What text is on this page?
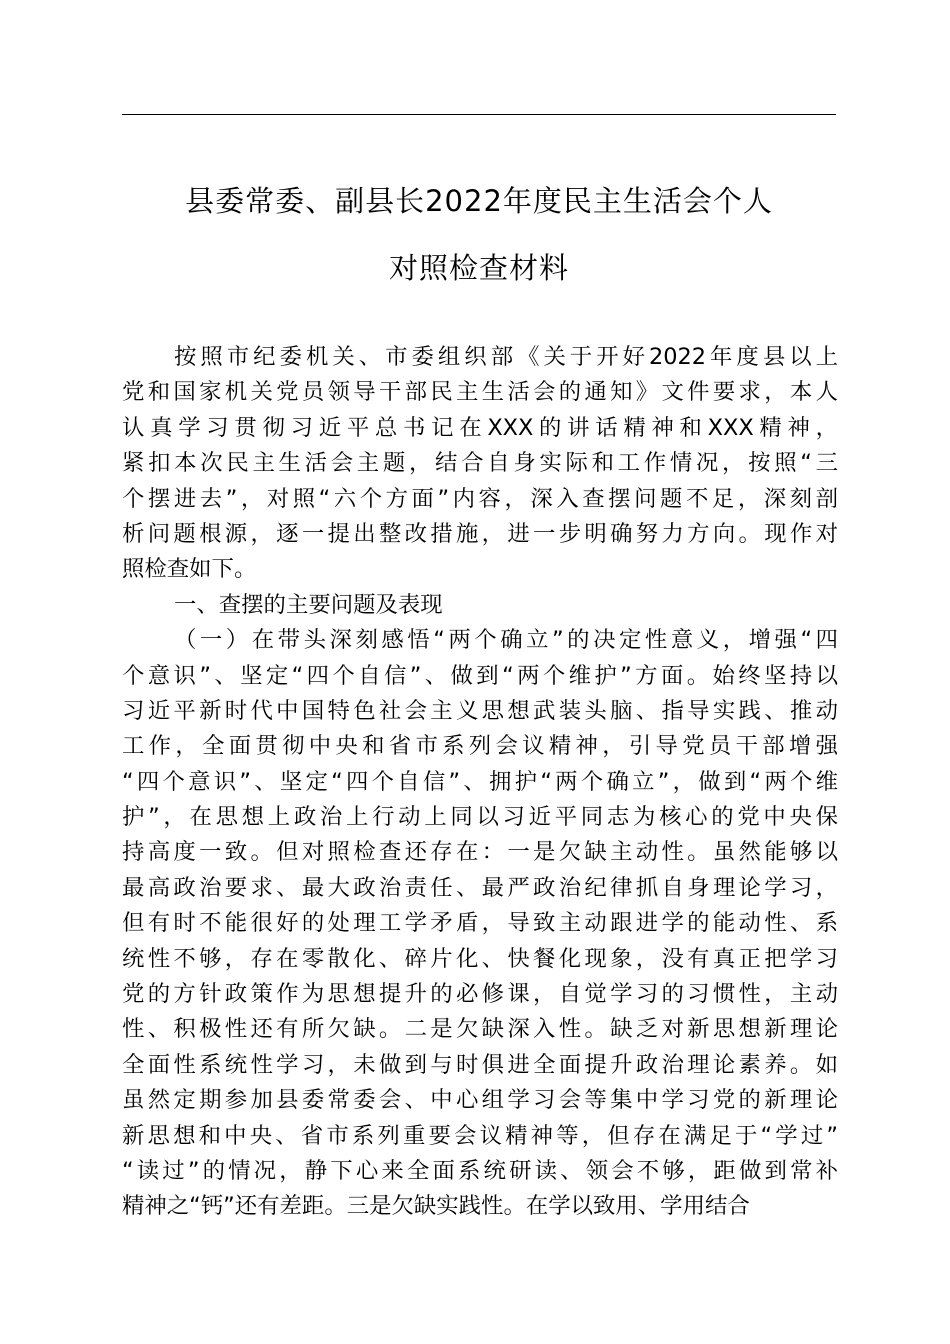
县委常委、副县长2022年度民主生活会个人
对照检查材料
按照市纪委机关、市委组织部《关于开好2022年度县以上
党和国家机关党员领导干部民主生活会的通知》文件要求，本人
认真学习贯彻习近平总书记在XXX的讲话精神和XXX精神，
紧扣本次民主生活会主题，结合自身实际和工作情况，按照“三
个摆进去”，对照“六个方面”内容，深入查摆问题不足，深刻剖
析问题根源，逐一提出整改措施，进一步明确努力方向。现作对
照检查如下。
一、查摆的主要问题及表现
（一）在带头深刻感悟“两个确立”的决定性意义，增强“四
个意识”、坚定“四个自信”、做到“两个维护”方面。始终坚持以
习近平新时代中国特色社会主义思想武装头脑、指导实践、推动
工作，全面贯彻中央和省市系列会议精神，引导党员干部增强
“四个意识”、坚定“四个自信”、拥护“两个确立”，做到“两个维
护”，在思想上政治上行动上同以习近平同志为核心的党中央保
持高度一致。但对照检查还存在：一是欠缺主动性。虽然能够以
最高政治要求、最大政治责任、最严政治纪律抓自身理论学习，
但有时不能很好的处理工学矛盾，导致主动跟进学的能动性、系
统性不够，存在零散化、碎片化、快餐化现象，没有真正把学习
党的方针政策作为思想提升的必修课，自觉学习的习惯性，主动
性、积极性还有所欠缺。二是欠缺深入性。缺乏对新思想新理论
全面性系统性学习，未做到与时俱进全面提升政治理论素养。如
虽然定期参加县委常委会、中心组学习会等集中学习党的新理论
新思想和中央、省市系列重要会议精神等，但存在满足于“学过”
“读过”的情况，静下心来全面系统研读、领会不够，距做到常补
精神之“钙”还有差距。三是欠缺实践性。在学以致用、学用结合
